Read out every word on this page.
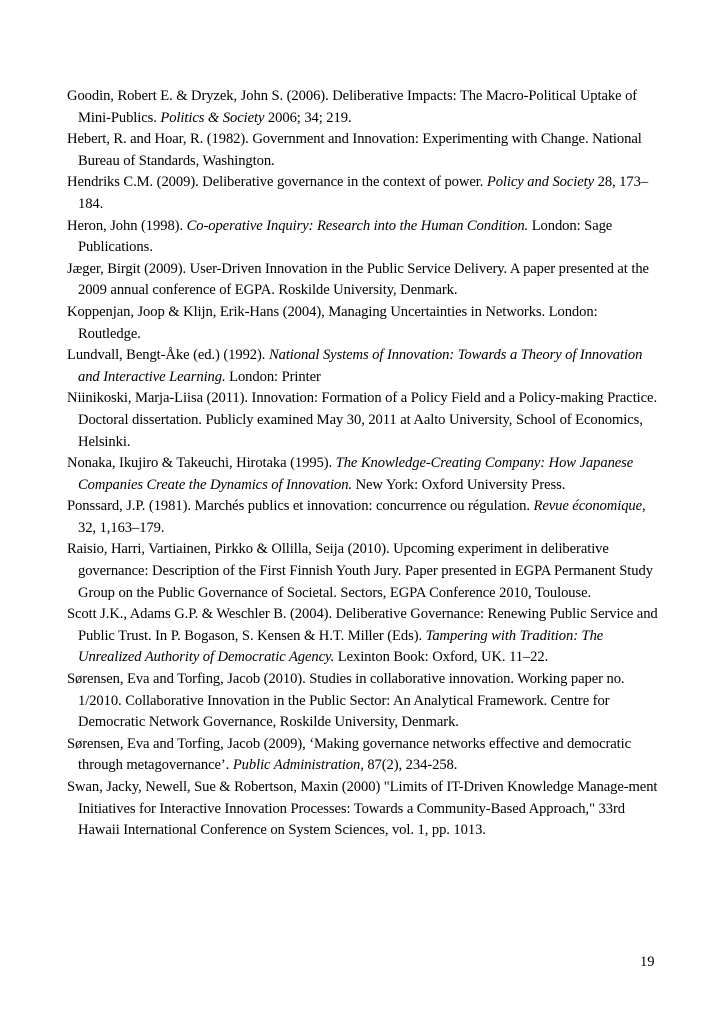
Goodin, Robert E. & Dryzek, John S. (2006). Deliberative Impacts: The Macro-Political Uptake of Mini-Publics. Politics & Society 2006; 34; 219.
Hebert, R. and Hoar, R. (1982). Government and Innovation: Experimenting with Change. National Bureau of Standards, Washington.
Hendriks C.M. (2009). Deliberative governance in the context of power. Policy and Society 28, 173–184.
Heron, John (1998). Co-operative Inquiry: Research into the Human Condition. London: Sage Publications.
Jæger, Birgit (2009). User-Driven Innovation in the Public Service Delivery. A paper presented at the 2009 annual conference of EGPA. Roskilde University, Denmark.
Koppenjan, Joop & Klijn, Erik-Hans (2004), Managing Uncertainties in Networks. London: Routledge.
Lundvall, Bengt-Åke (ed.) (1992). National Systems of Innovation: Towards a Theory of Innovation and Interactive Learning. London: Printer
Niinikoski, Marja-Liisa (2011). Innovation: Formation of a Policy Field and a Policy-making Practice. Doctoral dissertation. Publicly examined May 30, 2011 at Aalto University, School of Economics, Helsinki.
Nonaka, Ikujiro & Takeuchi, Hirotaka (1995). The Knowledge-Creating Company: How Japanese Companies Create the Dynamics of Innovation. New York: Oxford University Press.
Ponssard, J.P. (1981). Marchés publics et innovation: concurrence ou régulation. Revue économique, 32, 1,163–179.
Raisio, Harri, Vartiainen, Pirkko & Ollilla, Seija (2010). Upcoming experiment in deliberative governance: Description of the First Finnish Youth Jury. Paper presented in EGPA Permanent Study Group on the Public Governance of Societal. Sectors, EGPA Conference 2010, Toulouse.
Scott J.K., Adams G.P. & Weschler B. (2004). Deliberative Governance: Renewing Public Service and Public Trust. In P. Bogason, S. Kensen & H.T. Miller (Eds). Tampering with Tradition: The Unrealized Authority of Democratic Agency. Lexinton Book: Oxford, UK. 11–22.
Sørensen, Eva and Torfing, Jacob (2010). Studies in collaborative innovation. Working paper no. 1/2010. Collaborative Innovation in the Public Sector: An Analytical Framework. Centre for Democratic Network Governance, Roskilde University, Denmark.
Sørensen, Eva and Torfing, Jacob (2009), ‘Making governance networks effective and democratic through metagovernance’. Public Administration, 87(2), 234-258.
Swan, Jacky, Newell, Sue & Robertson, Maxin (2000) "Limits of IT-Driven Knowledge Manage-ment Initiatives for Interactive Innovation Processes: Towards a Community-Based Approach," 33rd Hawaii International Conference on System Sciences, vol. 1, pp. 1013.
19
